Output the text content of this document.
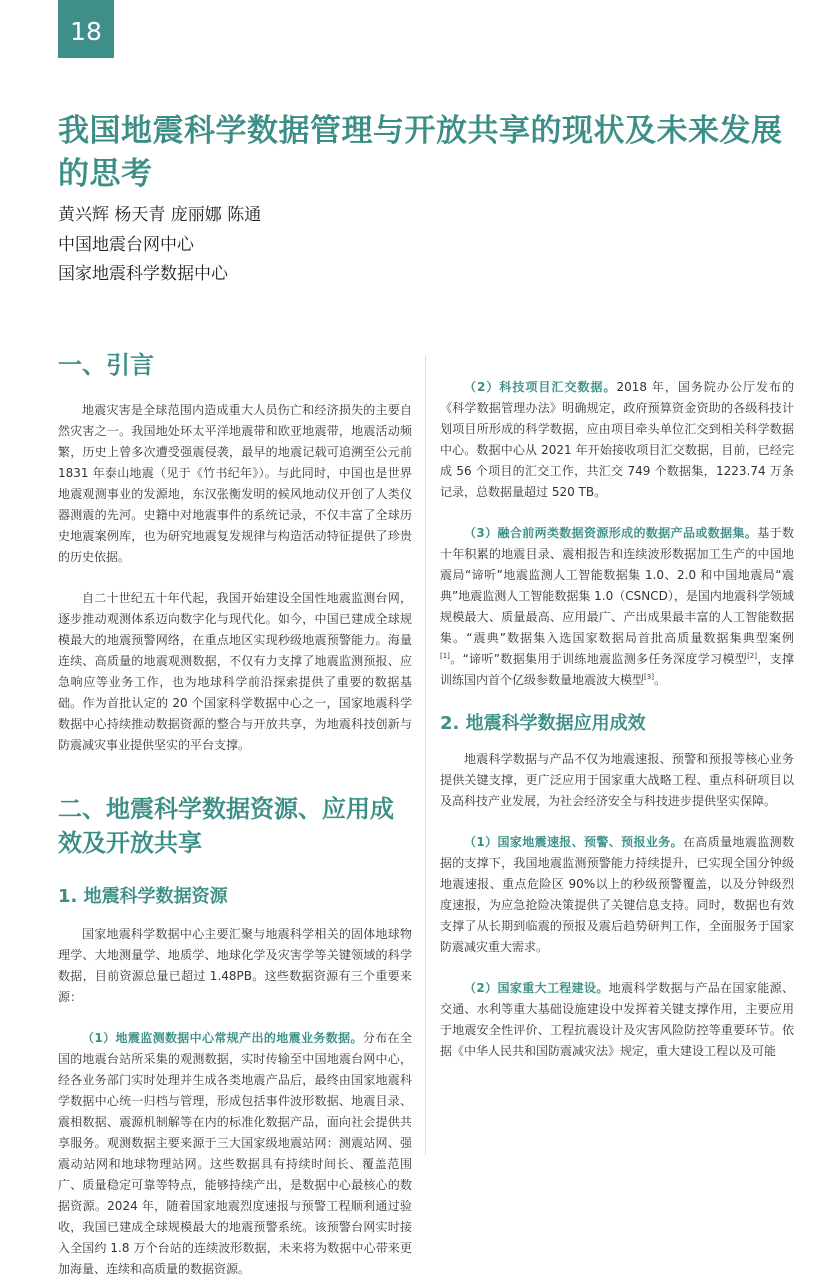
18
我国地震科学数据管理与开放共享的现状及未来发展的思考
黄兴辉 杨天青 庞丽娜 陈通
中国地震台网中心
国家地震科学数据中心
一、引言

地震灾害是全球范围内造成重大人员伤亡和经济损失的主要自然灾害之一。我国地处环太平洋地震带和欧亚地震带，地震活动频繁，历史上曾多次遭受强震侵袭，最早的地震记载可追溯至公元前 1831 年泰山地震（见于《竹书纪年》）。与此同时，中国也是世界地震观测事业的发源地，东汉张衡发明的候风地动仪开创了人类仪器测震的先河。史籍中对地震事件的系统记录，不仅丰富了全球历史地震案例库，也为研究地震复发规律与构造活动特征提供了珍贵的历史依据。

自二十世纪五十年代起，我国开始建设全国性地震监测台网，逐步推动观测体系迈向数字化与现代化。如今，中国已建成全球规模最大的地震预警网络，在重点地区实现秒级地震预警能力。海量连续、高质量的地震观测数据，不仅有力支撑了地震监测预报、应急响应等业务工作，也为地球科学前沿探索提供了重要的数据基础。作为首批认定的 20 个国家科学数据中心之一，国家地震科学数据中心持续推动数据资源的整合与开放共享，为地震科技创新与防震减灾事业提供坚实的平台支撑。

二、地震科学数据资源、应用成效及开放共享
1. 地震科学数据资源

国家地震科学数据中心主要汇聚与地震科学相关的固体地球物理学、大地测量学、地质学、地球化学及灾害学等关键领域的科学数据，目前资源总量已超过 1.48PB。这些数据资源有三个重要来源：

（1）地震监测数据中心常规产出的地震业务数据。分布在全国的地震台站所采集的观测数据，实时传输至中国地震台网中心，经各业务部门实时处理并生成各类地震产品后，最终由国家地震科学数据中心统一归档与管理，形成包括事件波形数据、地震目录、震相数据、震源机制解等在内的标准化数据产品，面向社会提供共享服务。观测数据主要来源于三大国家级地震站网：测震站网、强震动站网和地球物理站网。这些数据具有持续时间长、覆盖范围广、质量稳定可靠等特点，能够持续产出，是数据中心最核心的数据资源。2024 年，随着国家地震烈度速报与预警工程顺利通过验收，我国已建成全球规模最大的地震预警系统。该预警台网实时接入全国约 1.8 万个台站的连续波形数据，未来将为数据中心带来更加海量、连续和高质量的数据资源。

（2）科技项目汇交数据。2018 年，国务院办公厅发布的《科学数据管理办法》明确规定，政府预算资金资助的各级科技计划项目所形成的科学数据，应由项目牵头单位汇交到相关科学数据中心。数据中心从 2021 年开始接收项目汇交数据，目前，已经完成 56 个项目的汇交工作，共汇交 749 个数据集，1223.74 万条记录，总数据量超过 520 TB。

（3）融合前两类数据资源形成的数据产品或数据集。基于数十年积累的地震目录、震相报告和连续波形数据加工生产的中国地震局“谛听”地震监测人工智能数据集 1.0、2.0 和中国地震局“震典”地震监测人工智能数据集 1.0（CSNCD），是国内地震科学领域规模最大、质量最高、应用最广、产出成果最丰富的人工智能数据集。“震典”数据集入选国家数据局首批高质量数据集典型案例[1]。“谛听”数据集用于训练地震监测多任务深度学习模型[2]，支撑训练国内首个亿级参数量地震波大模型[3]。

2. 地震科学数据应用成效

地震科学数据与产品不仅为地震速报、预警和预报等核心业务提供关键支撑，更广泛应用于国家重大战略工程、重点科研项目以及高科技产业发展，为社会经济安全与科技进步提供坚实保障。

（1）国家地震速报、预警、预报业务。在高质量地震监测数据的支撑下，我国地震监测预警能力持续提升，已实现全国分钟级地震速报、重点危险区 90%以上的秒级预警覆盖，以及分钟级烈度速报，为应急抢险决策提供了关键信息支持。同时，数据也有效支撑了从长期到临震的预报及震后趋势研判工作，全面服务于国家防震减灾重大需求。

（2）国家重大工程建设。地震科学数据与产品在国家能源、交通、水利等重大基础设施建设中发挥着关键支撑作用，主要应用于地震安全性评价、工程抗震设计及灾害风险防控等重要环节。依据《中华人民共和国防震减灾法》规定，重大建设工程以及可能
